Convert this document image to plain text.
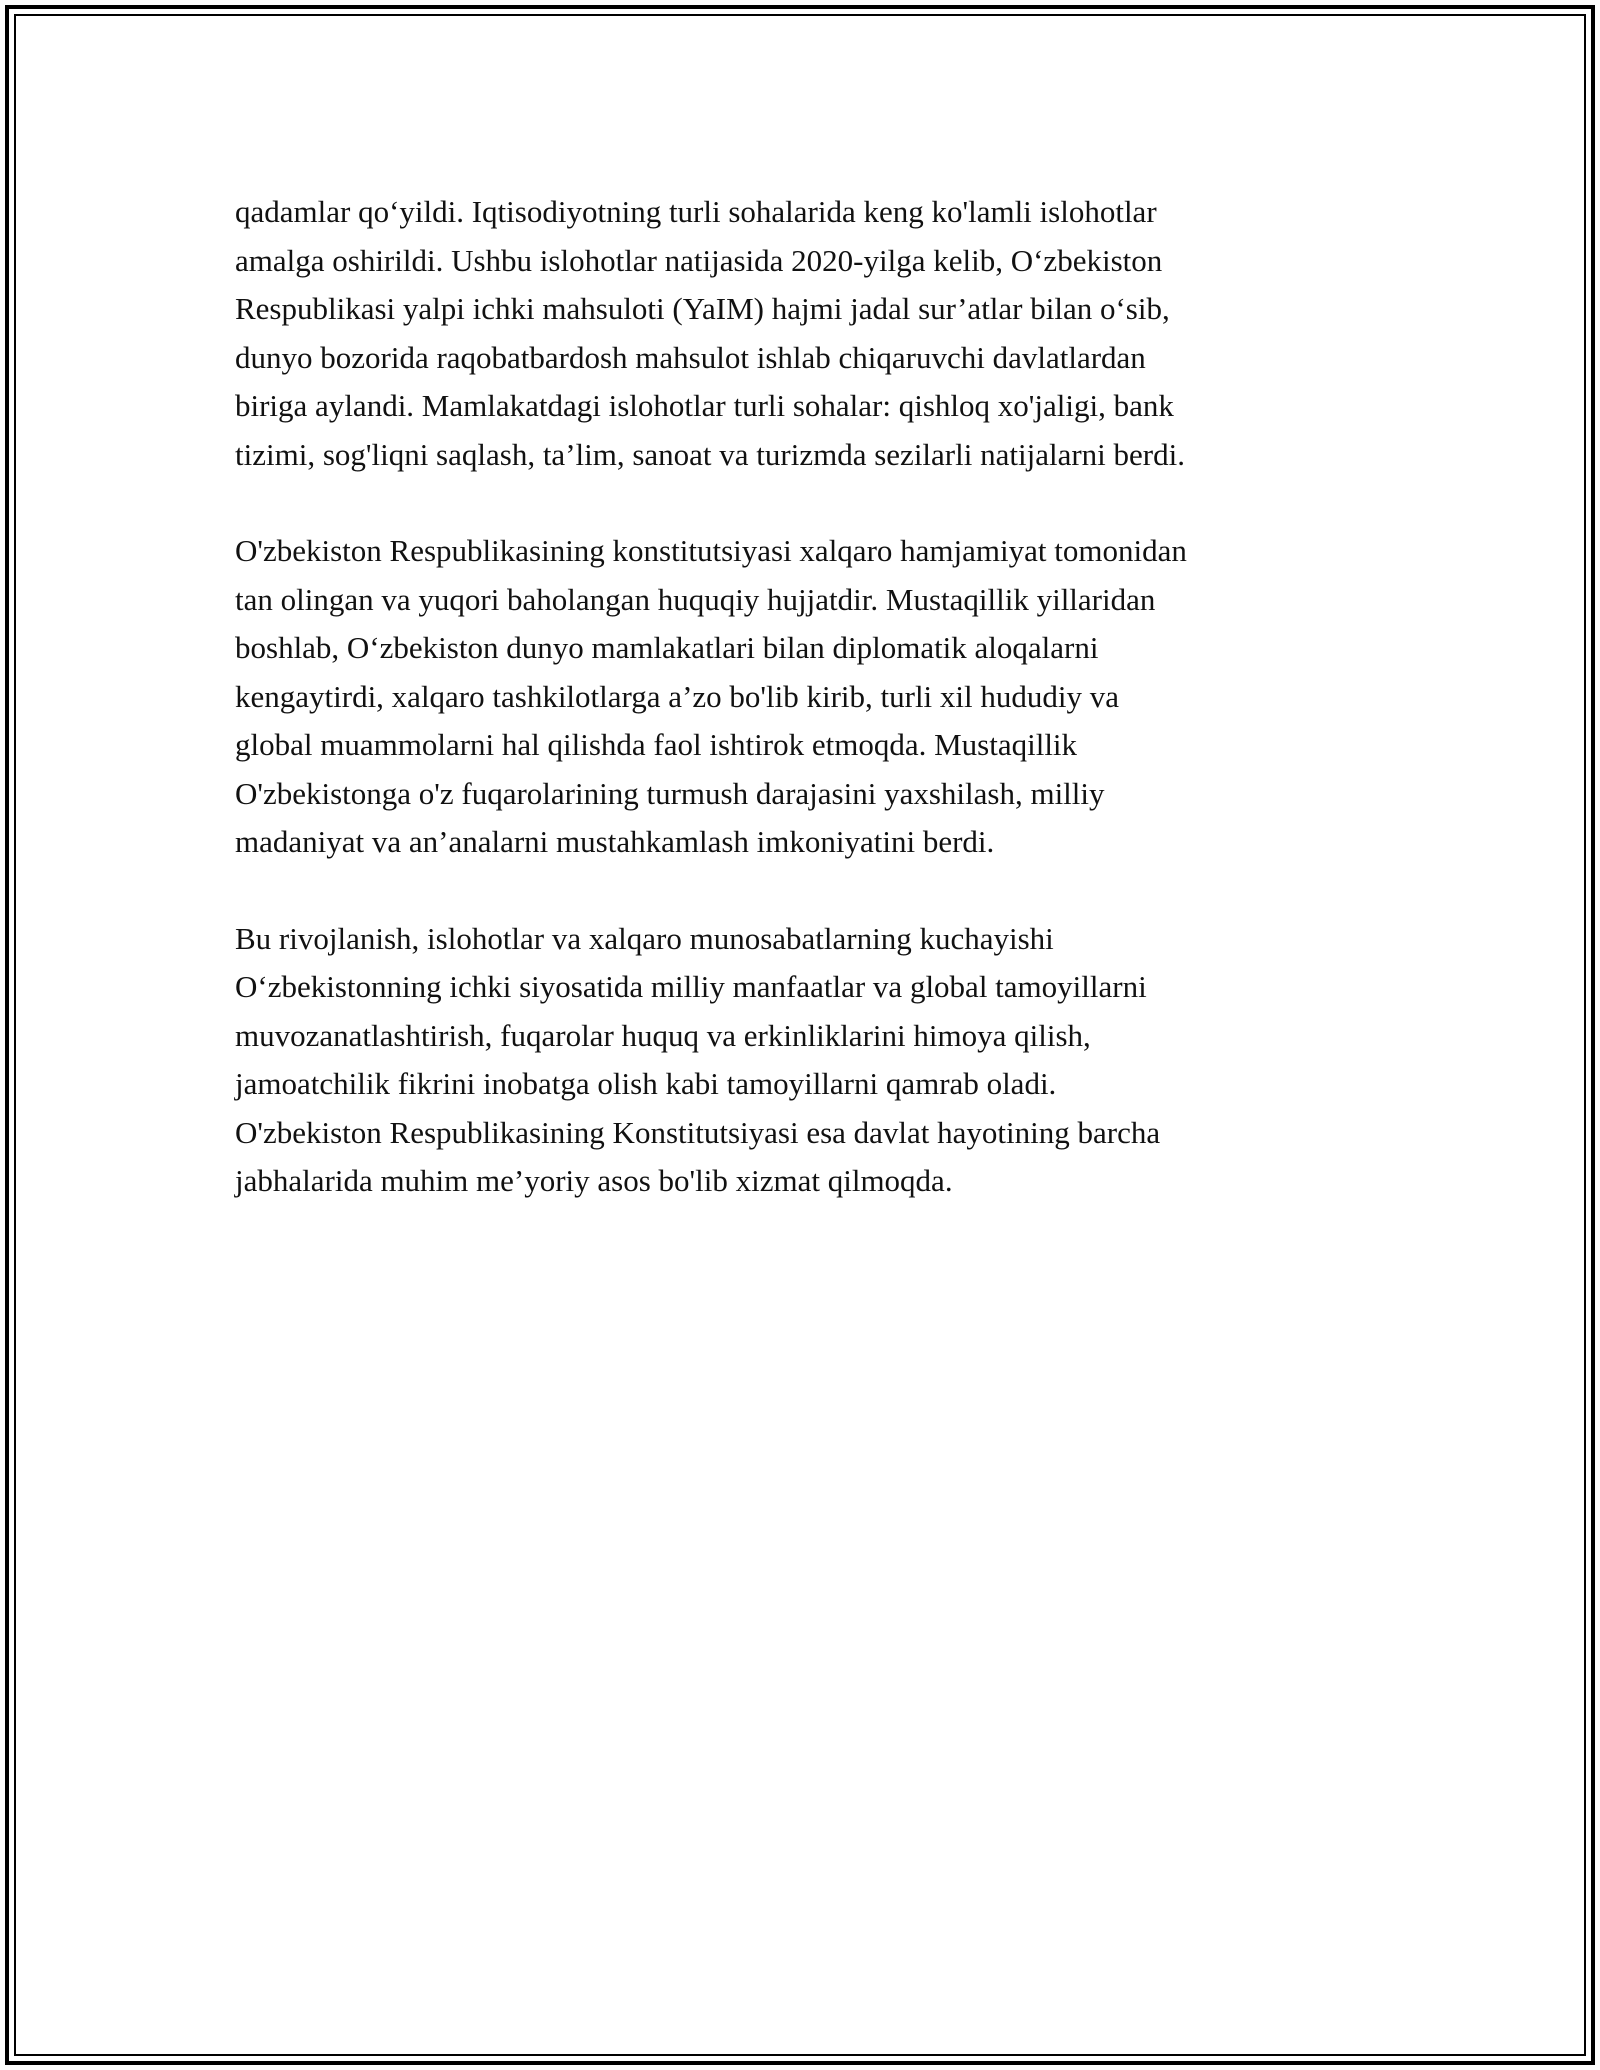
qadamlar qo‘yildi. Iqtisodiyotning turli sohalarida keng ko'lamli islohotlar
amalga oshirildi. Ushbu islohotlar natijasida 2020-yilga kelib, O‘zbekiston
Respublikasi yalpi ichki mahsuloti (YaIM) hajmi jadal sur’atlar bilan o‘sib,
dunyo bozorida raqobatbardosh mahsulot ishlab chiqaruvchi davlatlardan
biriga aylandi. Mamlakatdagi islohotlar turli sohalar: qishloq xo'jaligi, bank
tizimi, sog'liqni saqlash, ta’lim, sanoat va turizmda sezilarli natijalarni berdi.

O'zbekiston Respublikasining konstitutsiyasi xalqaro hamjamiyat tomonidan
tan olingan va yuqori baholangan huquqiy hujjatdir. Mustaqillik yillaridan
boshlab, O‘zbekiston dunyo mamlakatlari bilan diplomatik aloqalarni
kengaytirdi, xalqaro tashkilotlarga a’zo bo'lib kirib, turli xil hududiy va
global muammolarni hal qilishda faol ishtirok etmoqda. Mustaqillik
O'zbekistonga o'z fuqarolarining turmush darajasini yaxshilash, milliy
madaniyat va an’analarni mustahkamlash imkoniyatini berdi.

Bu rivojlanish, islohotlar va xalqaro munosabatlarning kuchayishi
O‘zbekistonning ichki siyosatida milliy manfaatlar va global tamoyillarni
muvozanatlashtirish, fuqarolar huquq va erkinliklarini himoya qilish,
jamoatchilik fikrini inobatga olish kabi tamoyillarni qamrab oladi.
O'zbekiston Respublikasining Konstitutsiyasi esa davlat hayotining barcha
jabhalarida muhim me’yoriy asos bo'lib xizmat qilmoqda.
